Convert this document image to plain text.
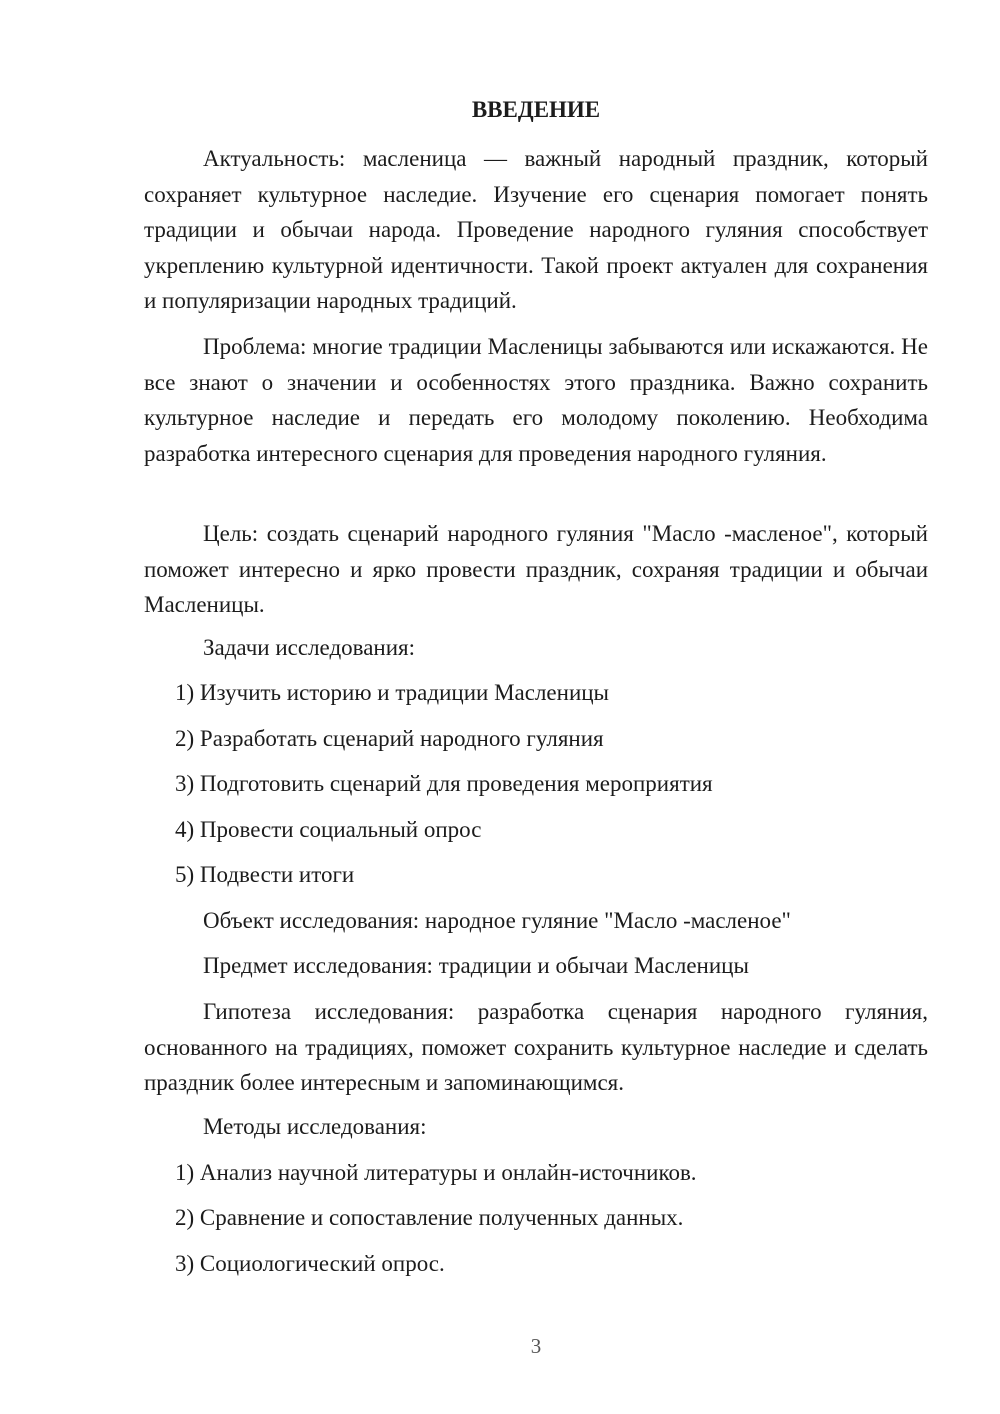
ВВЕДЕНИЕ

Актуальность: масленица — важный народный праздник, который сохраняет культурное наследие. Изучение его сценария помогает понять традиции и обычаи народа. Проведение народного гуляния способствует укреплению культурной идентичности. Такой проект актуален для сохранения и популяризации народных традиций.

Проблема: многие традиции Масленицы забываются или искажаются. Не все знают о значении и особенностях этого праздника. Важно сохранить культурное наследие и передать его молодому поколению. Необходима разработка интересного сценария для проведения народного гуляния.

Цель: создать сценарий народного гуляния "Масло -масленое", который поможет интересно и ярко провести праздник, сохраняя традиции и обычаи Масленицы.

Задачи исследования:

1) Изучить историю и традиции Масленицы

2) Разработать сценарий народного гуляния

3) Подготовить сценарий для проведения мероприятия

4) Провести социальный опрос

5) Подвести итоги

Объект исследования: народное гуляние "Масло -масленое"

Предмет исследования: традиции и обычаи Масленицы

Гипотеза исследования: разработка сценария народного гуляния, основанного на традициях, поможет сохранить культурное наследие и сделать праздник более интересным и запоминающимся.

Методы исследования:

1) Анализ научной литературы и онлайн-источников.

2) Сравнение и сопоставление полученных данных.

3) Социологический опрос.

3
